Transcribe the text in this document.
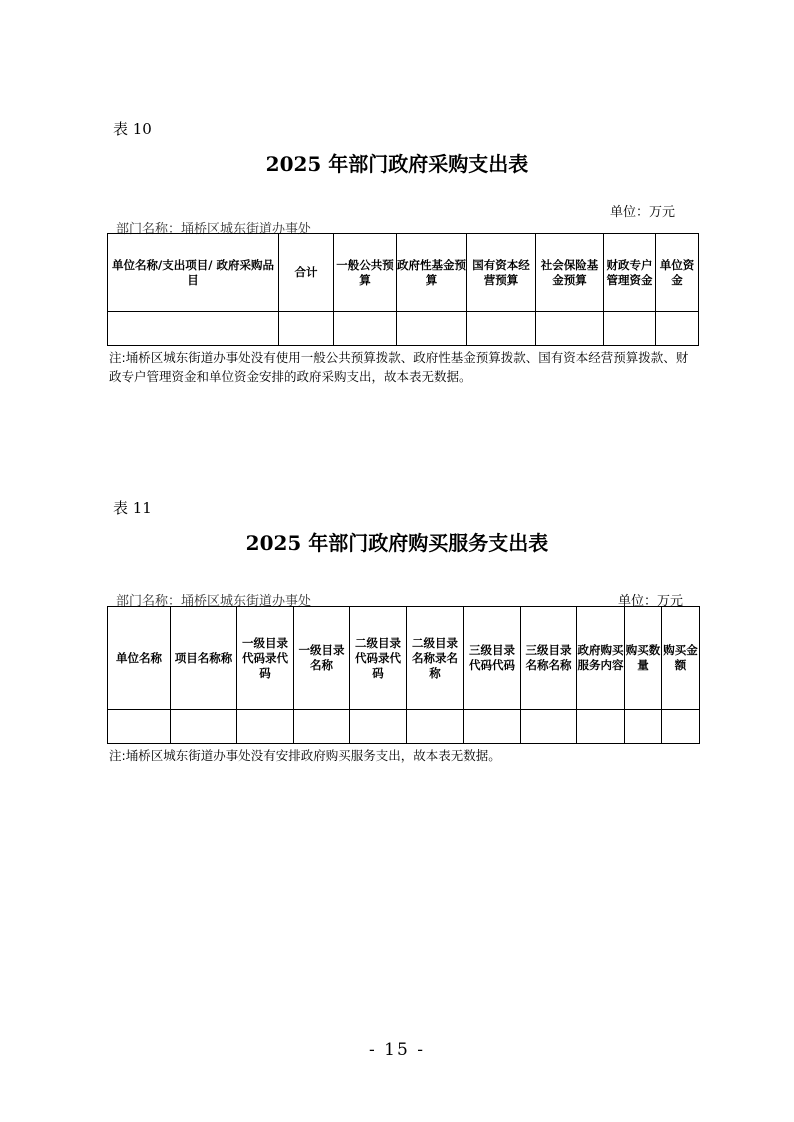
表 10
2025 年部门政府采购支出表
单位：万元
部门名称：埇桥区城东街道办事处
单位名称/支出项目/ 政府采购品目	合计	一般公共预算	政府性基金预算	国有资本经营预算	社会保险基金预算	财政专户管理资金	单位资金

注:埇桥区城东街道办事处没有使用一般公共预算拨款、政府性基金预算拨款、国有资本经营预算拨款、财政专户管理资金和单位资金安排的政府采购支出，故本表无数据。
表 11
2025 年部门政府购买服务支出表
部门名称：埇桥区城东街道办事处	单位：万元
单位名称	项目名称称	一级目录代码录代码	一级目录名称	二级目录代码录代码	二级目录名称录名称	三级目录代码代码	三级目录名称名称	政府购买服务内容	购买数量	购买金额

注:埇桥区城东街道办事处没有安排政府购买服务支出，故本表无数据。
- 15 -
